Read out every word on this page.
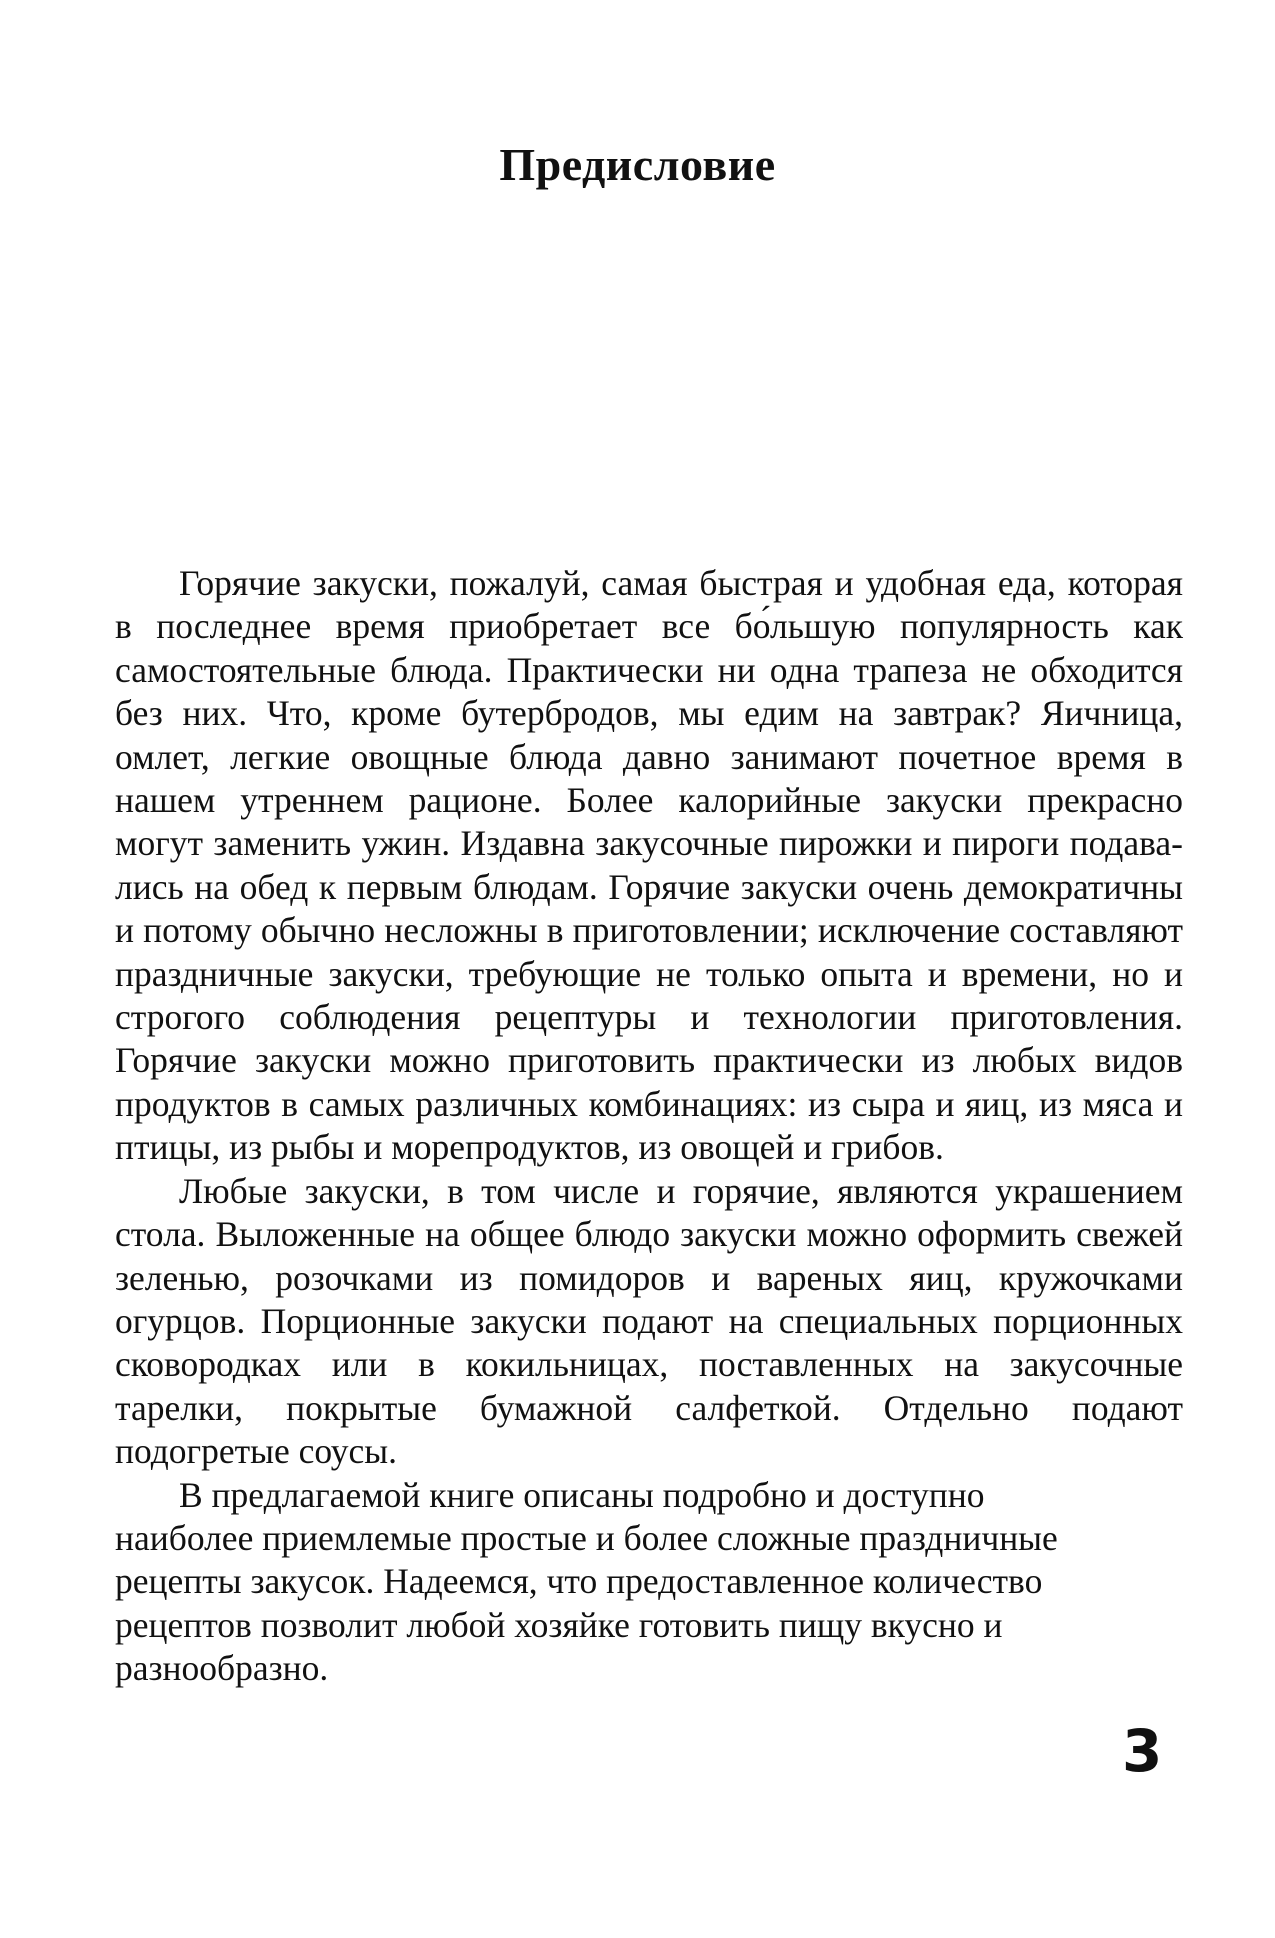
Предисловие

Горячие закуски, пожалуй, самая быстрая и удобная еда, которая в последнее время приобретает все бо́льшую популярность как самостоятельные блюда. Практически ни одна трапеза не обходится без них. Что, кроме бутербродов, мы едим на завтрак? Яичница, омлет, легкие овощные блюда давно занимают почетное время в нашем утреннем рационе. Более калорийные закуски прекрасно могут заменить ужин. Издавна закусочные пирожки и пироги подавались на обед к первым блюдам. Горячие закуски очень демократичны и потому обычно несложны в приготовлении; исключение составляют праздничные закуски, требующие не только опыта и времени, но и строгого соблюдения рецептуры и технологии приготовления. Горячие закуски можно приготовить практически из любых видов продуктов в самых различных комбинациях: из сыра и яиц, из мяса и птицы, из рыбы и морепродуктов, из овощей и грибов.

Любые закуски, в том числе и горячие, являются украшением стола. Выложенные на общее блюдо закуски можно оформить свежей зеленью, розочками из помидоров и вареных яиц, кружочками огурцов. Порционные закуски подают на специальных порционных сковородках или в кокильницах, поставленных на закусочные тарелки, покрытые бумажной салфеткой. Отдельно подают подогретые соусы.

В предлагаемой книге описаны подробно и доступно наиболее приемлемые простые и более сложные праздничные рецепты закусок. Надеемся, что предоставленное количество рецептов позволит любой хозяйке готовить пищу вкусно и разнообразно.

3
